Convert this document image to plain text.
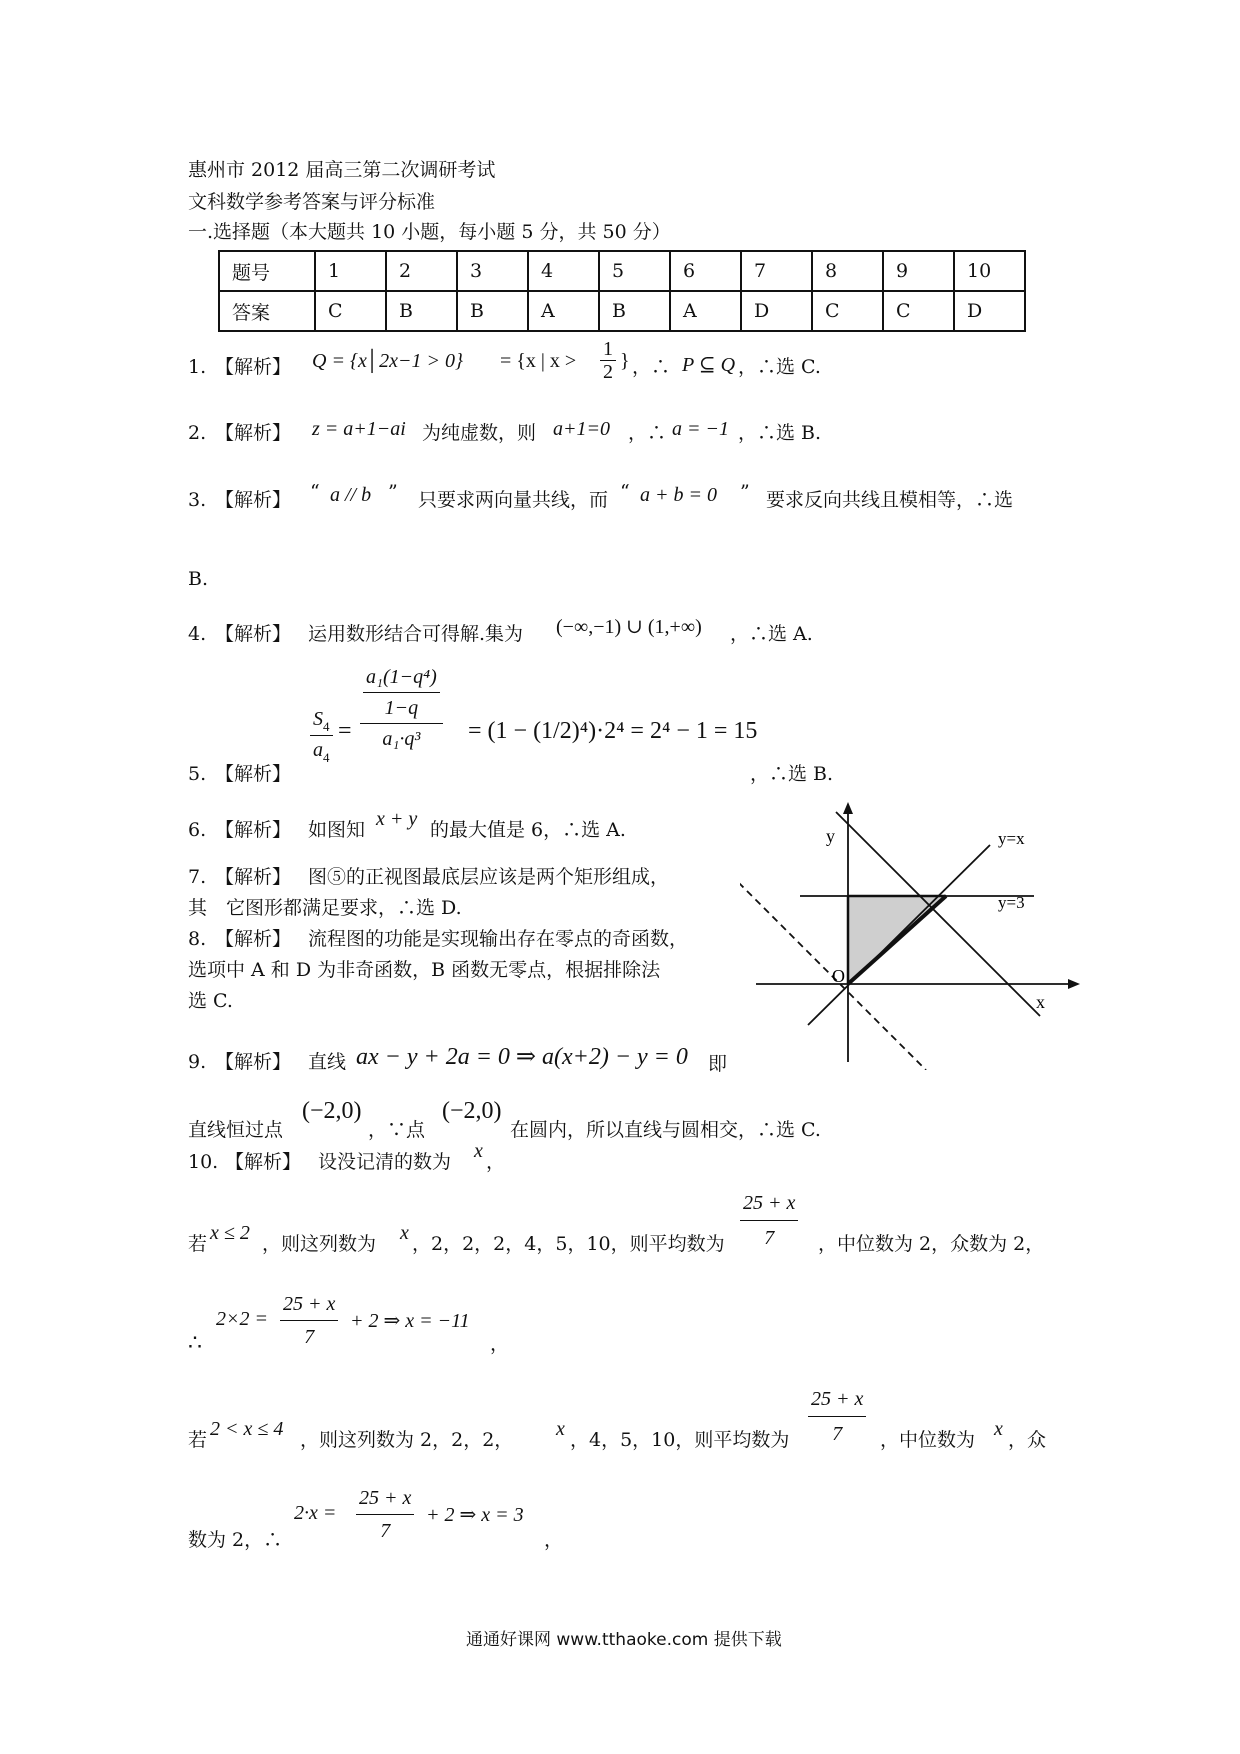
惠州市 2012 届高三第二次调研考试
文科数学参考答案与评分标准
一.选择题（本大题共 10 小题，每小题 5 分，共 50 分）
题号	1	2	3	4	5	6	7	8	9	10
答案	C	B	B	A	B	A	D	C	C	D
1. 【解析】 Q = {x│2x−1 > 0} = {x | $x > \frac{1}{2}$ } ，∴ P ⊆ Q ，∴选 C.
2. 【解析】 z = a+1−ai 为纯虚数，则 a+1=0 ，∴ a = −1 ，∴选 B.
3. 【解析】 “ a // b ” 只要求两向量共线，而 “ a + b = 0 ” 要求反向共线且模相等，∴选
B.
4. 【解析】 运用数形结合可得解.集为 (−∞,−1) ∪ (1,+∞) ，∴选 A.
5. 【解析】
$\frac{S_4}{a_4} = \frac{\frac{\text{a₁(1−q⁴)}}{1-q}}{\text{a₁·q³}} = (1 - (1/2)^4)\cdot 2^4 = 2^4 - 1 = 15$
，∴选 B.
6. 【解析】 如图知 x + y 的最大值是 6，∴选 A.
7. 【解析】 图⑤的正视图最底层应该是两个矩形组成，
其　它图形都满足要求，∴选 D.
8. 【解析】 流程图的功能是实现输出存在零点的奇函数，
选项中 A 和 D 为非奇函数，B 函数无零点，根据排除法
选 C.
9. 【解析】 直线 ax − y + 2a = 0 ⇒ a(x+2) − y = 0 即
直线恒过点
(−2,0)
，∵点
(−2,0)
在圆内，所以直线与圆相交，∴选 C.
10. 【解析】 设没记清的数为 x ，
若 x ≤ 2 ，则这列数为 x ，2，2，2，4，5，10，则平均数为 $\frac{25 + x}{7}$ ，中位数为 2，众数为 2，
∴
$2\times 2 = \frac{25 + x}{7} + 2$ ⇒ x = −11
，
若 2 < x ≤ 4 ，则这列数为 2，2，2， x ，4，5，10，则平均数为 $\frac{25 + x}{7}$ ，中位数为 x ，众
数为 2，∴
$2\cdot x = \frac{25 + x}{7} + 2$ ⇒ x = 3
，
y
x
O
y=x
y=3
通通好课网 www.tthaoke.com 提供下载
